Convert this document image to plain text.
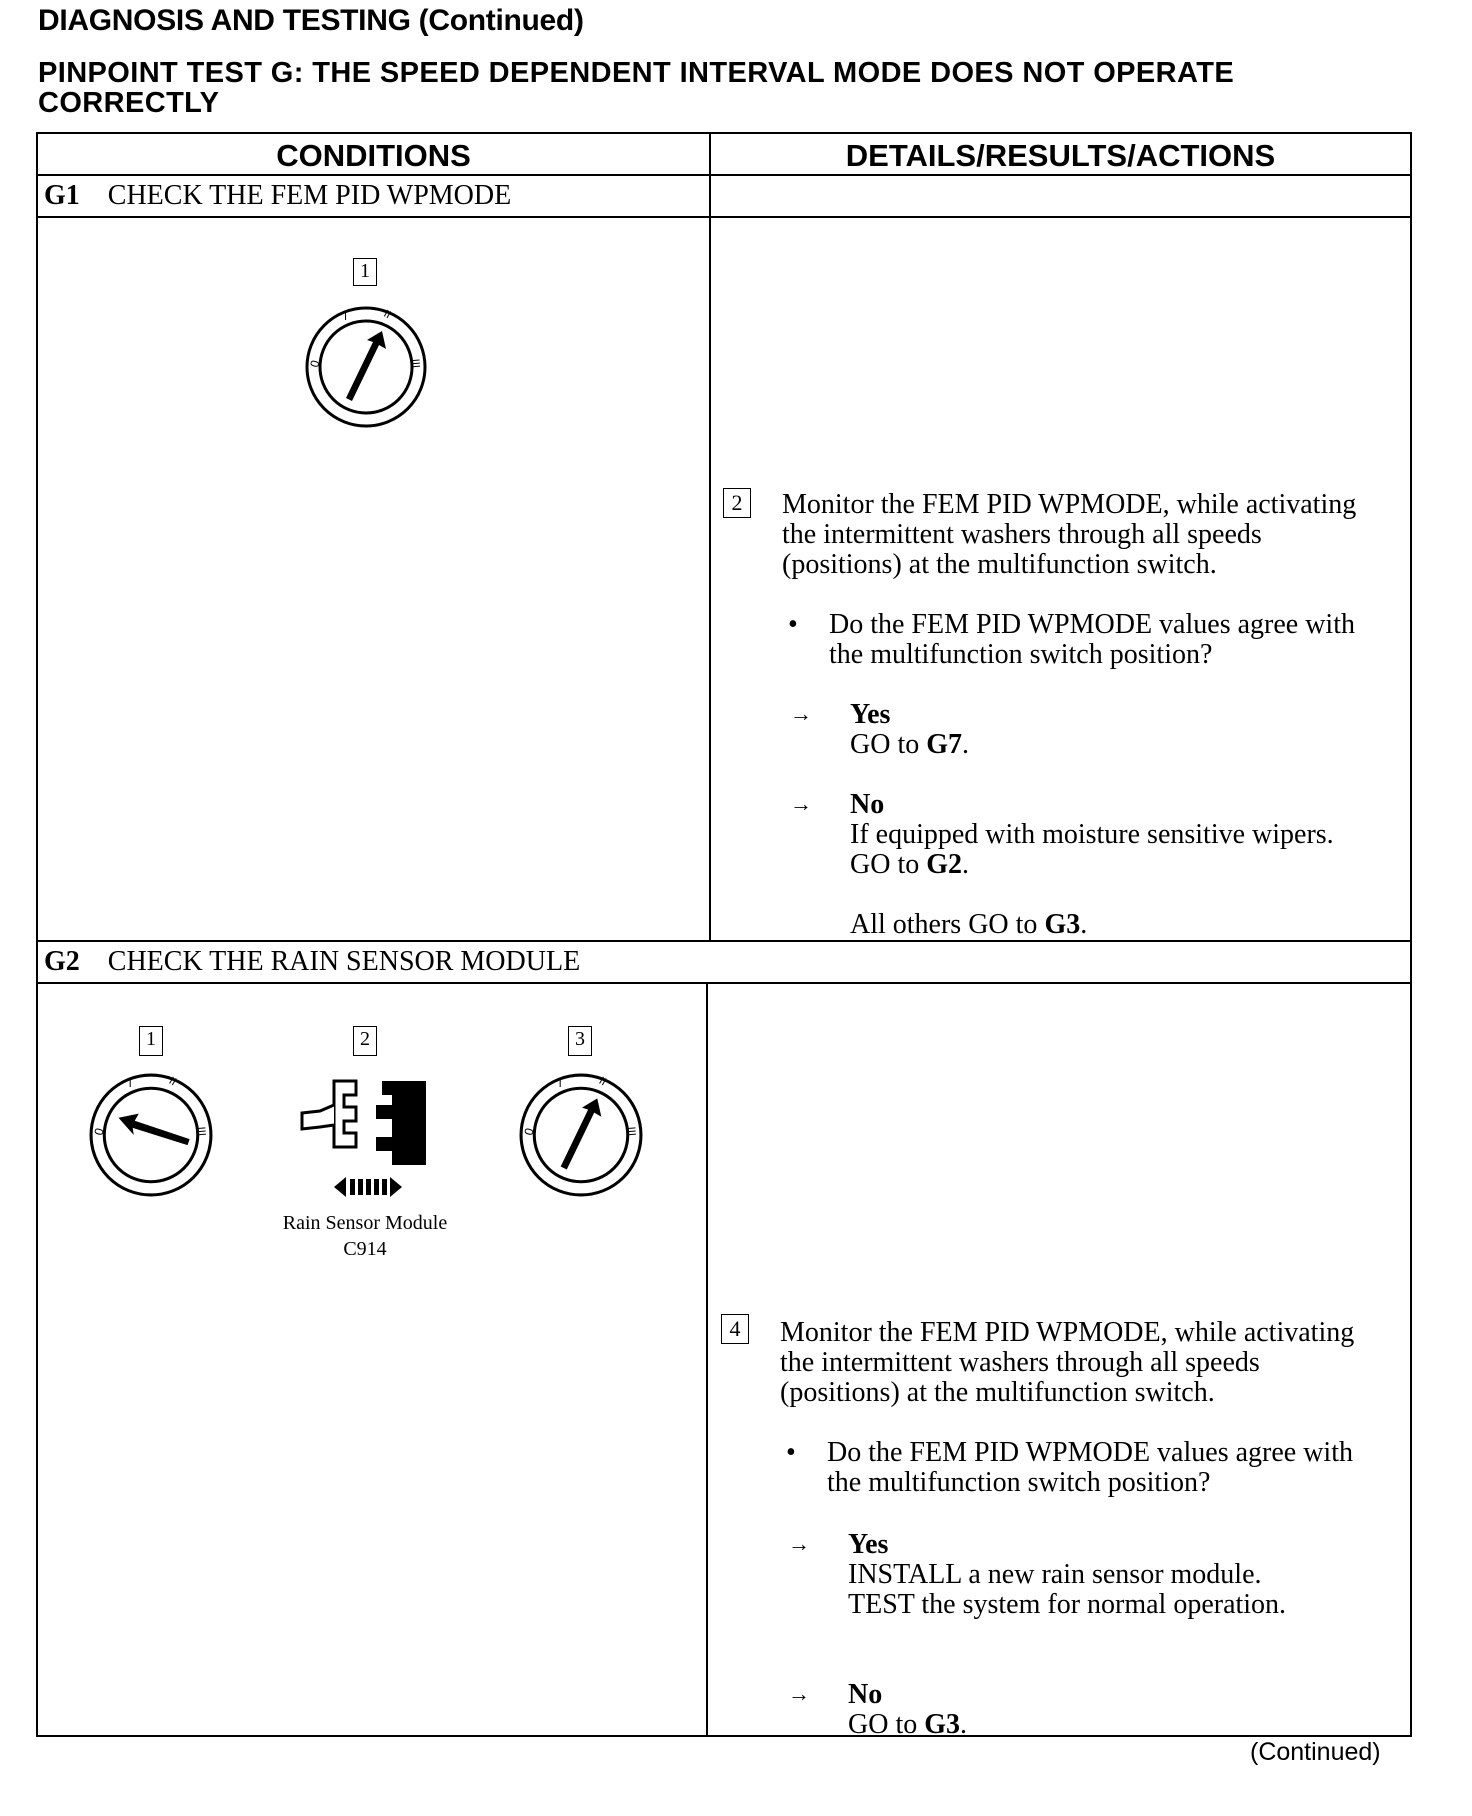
DIAGNOSIS AND TESTING (Continued)
PINPOINT TEST G: THE SPEED DEPENDENT INTERVAL MODE DOES NOT OPERATE
CORRECTLY
CONDITIONS	DETAILS/RESULTS/ACTIONS
G1 CHECK THE FEM PID WPMODE
1
0
I	II
III
2	Monitor the FEM PID WPMODE, while activating
the intermittent washers through all speeds
(positions) at the multifunction switch.
• Do the FEM PID WPMODE values agree with
the multifunction switch position?
→ Yes
GO to G7.
→ No
If equipped with moisture sensitive wipers.
GO to G2.
All others GO to G3.
G2 CHECK THE RAIN SENSOR MODULE
1
0
I	II
III
2
Rain Sensor Module
C914
3
0
I	II
III
4	Monitor the FEM PID WPMODE, while activating
the intermittent washers through all speeds
(positions) at the multifunction switch.
• Do the FEM PID WPMODE values agree with
the multifunction switch position?
→ Yes
INSTALL a new rain sensor module.
TEST the system for normal operation.
→ No
GO to G3.
(Continued)
